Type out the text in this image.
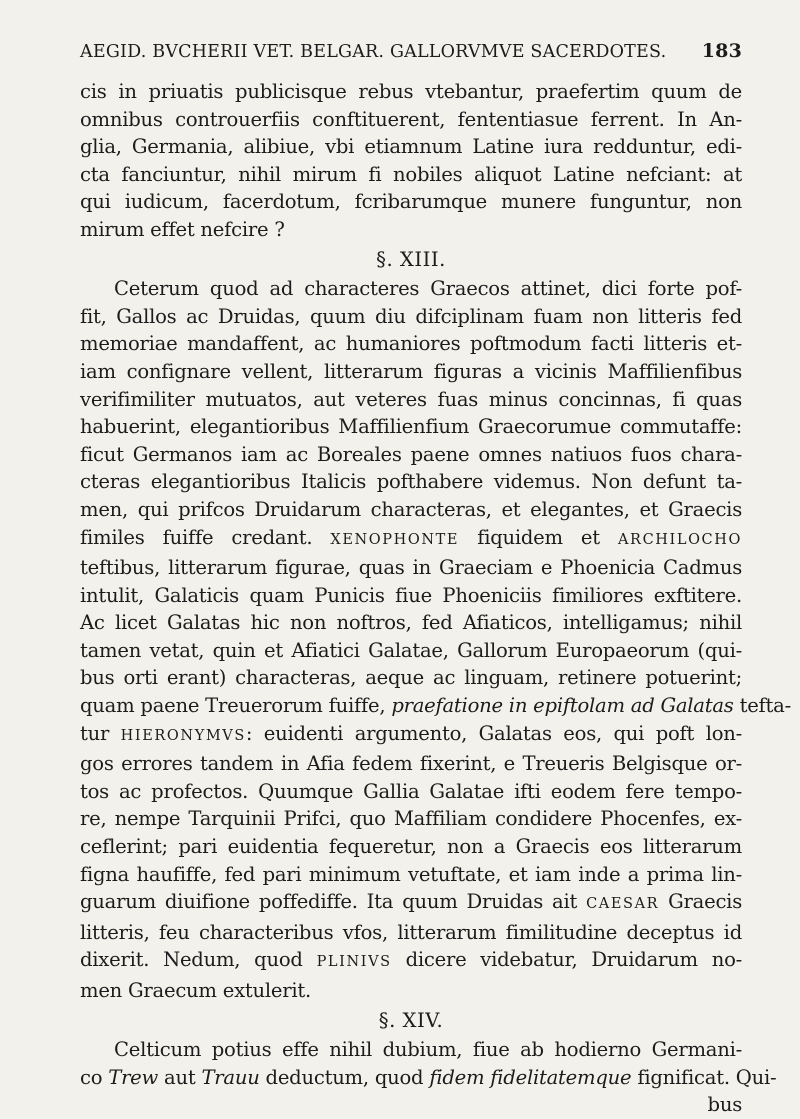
AEGID. BVCHERII VET. BELGAR. GALLORVMVE SACERDOTES. 183
cis in priuatis publicisque rebus vtebantur, praefertim quum de
omnibus controuerfiis conftituerent, fententiasue ferrent. In An-
glia, Germania, alibiue, vbi etiamnum Latine iura redduntur, edi-
cta fanciuntur, nihil mirum fi nobiles aliquot Latine nefciant: at
qui iudicum, facerdotum, fcribarumque munere funguntur, non
mirum effet nefcire ?
§. XIII.
Ceterum quod ad characteres Graecos attinet, dici forte pof-
fit, Gallos ac Druidas, quum diu difciplinam fuam non litteris fed
memoriae mandaffent, ac humaniores poftmodum facti litteris et-
iam confignare vellent, litterarum figuras a vicinis Maffilienfibus
verifimiliter mutuatos, aut veteres fuas minus concinnas, fi quas
habuerint, elegantioribus Maffilienfium Graecorumue commutaffe:
ficut Germanos iam ac Boreales paene omnes natiuos fuos chara-
cteras elegantioribus Italicis pofthabere videmus. Non defunt ta-
men, qui prifcos Druidarum characteras, et elegantes, et Graecis
fimiles fuiffe credant. XENOPHONTE fiquidem et ARCHILOCHO
teftibus, litterarum figurae, quas in Graeciam e Phoenicia Cadmus
intulit, Galaticis quam Punicis fiue Phoeniciis fimiliores exftitere.
Ac licet Galatas hic non noftros, fed Afiaticos, intelligamus; nihil
tamen vetat, quin et Afiatici Galatae, Gallorum Europaeorum (qui-
bus orti erant) characteras, aeque ac linguam, retinere potuerint;
quam paene Treuerorum fuiffe, praefatione in epiftolam ad Galatas tefta-
tur HIERONYMVS: euidenti argumento, Galatas eos, qui poft lon-
gos errores tandem in Afia fedem fixerint, e Treueris Belgisque or-
tos ac profectos. Quumque Gallia Galatae ifti eodem fere tempo-
re, nempe Tarquinii Prifci, quo Maffiliam condidere Phocenfes, ex-
ceflerint; pari euidentia fequeretur, non a Graecis eos litterarum
figna haufiffe, fed pari minimum vetuftate, et iam inde a prima lin-
guarum diuifione poffediffe. Ita quum Druidas ait CAESAR Graecis
litteris, feu characteribus vfos, litterarum fimilitudine deceptus id
dixerit. Nedum, quod PLINIVS dicere videbatur, Druidarum no-
men Graecum extulerit.
§. XIV.
Celticum potius effe nihil dubium, fiue ab hodierno Germani-
co Trew aut Trauu deductum, quod fidem fidelitatemque fignificat. Qui-
bus
